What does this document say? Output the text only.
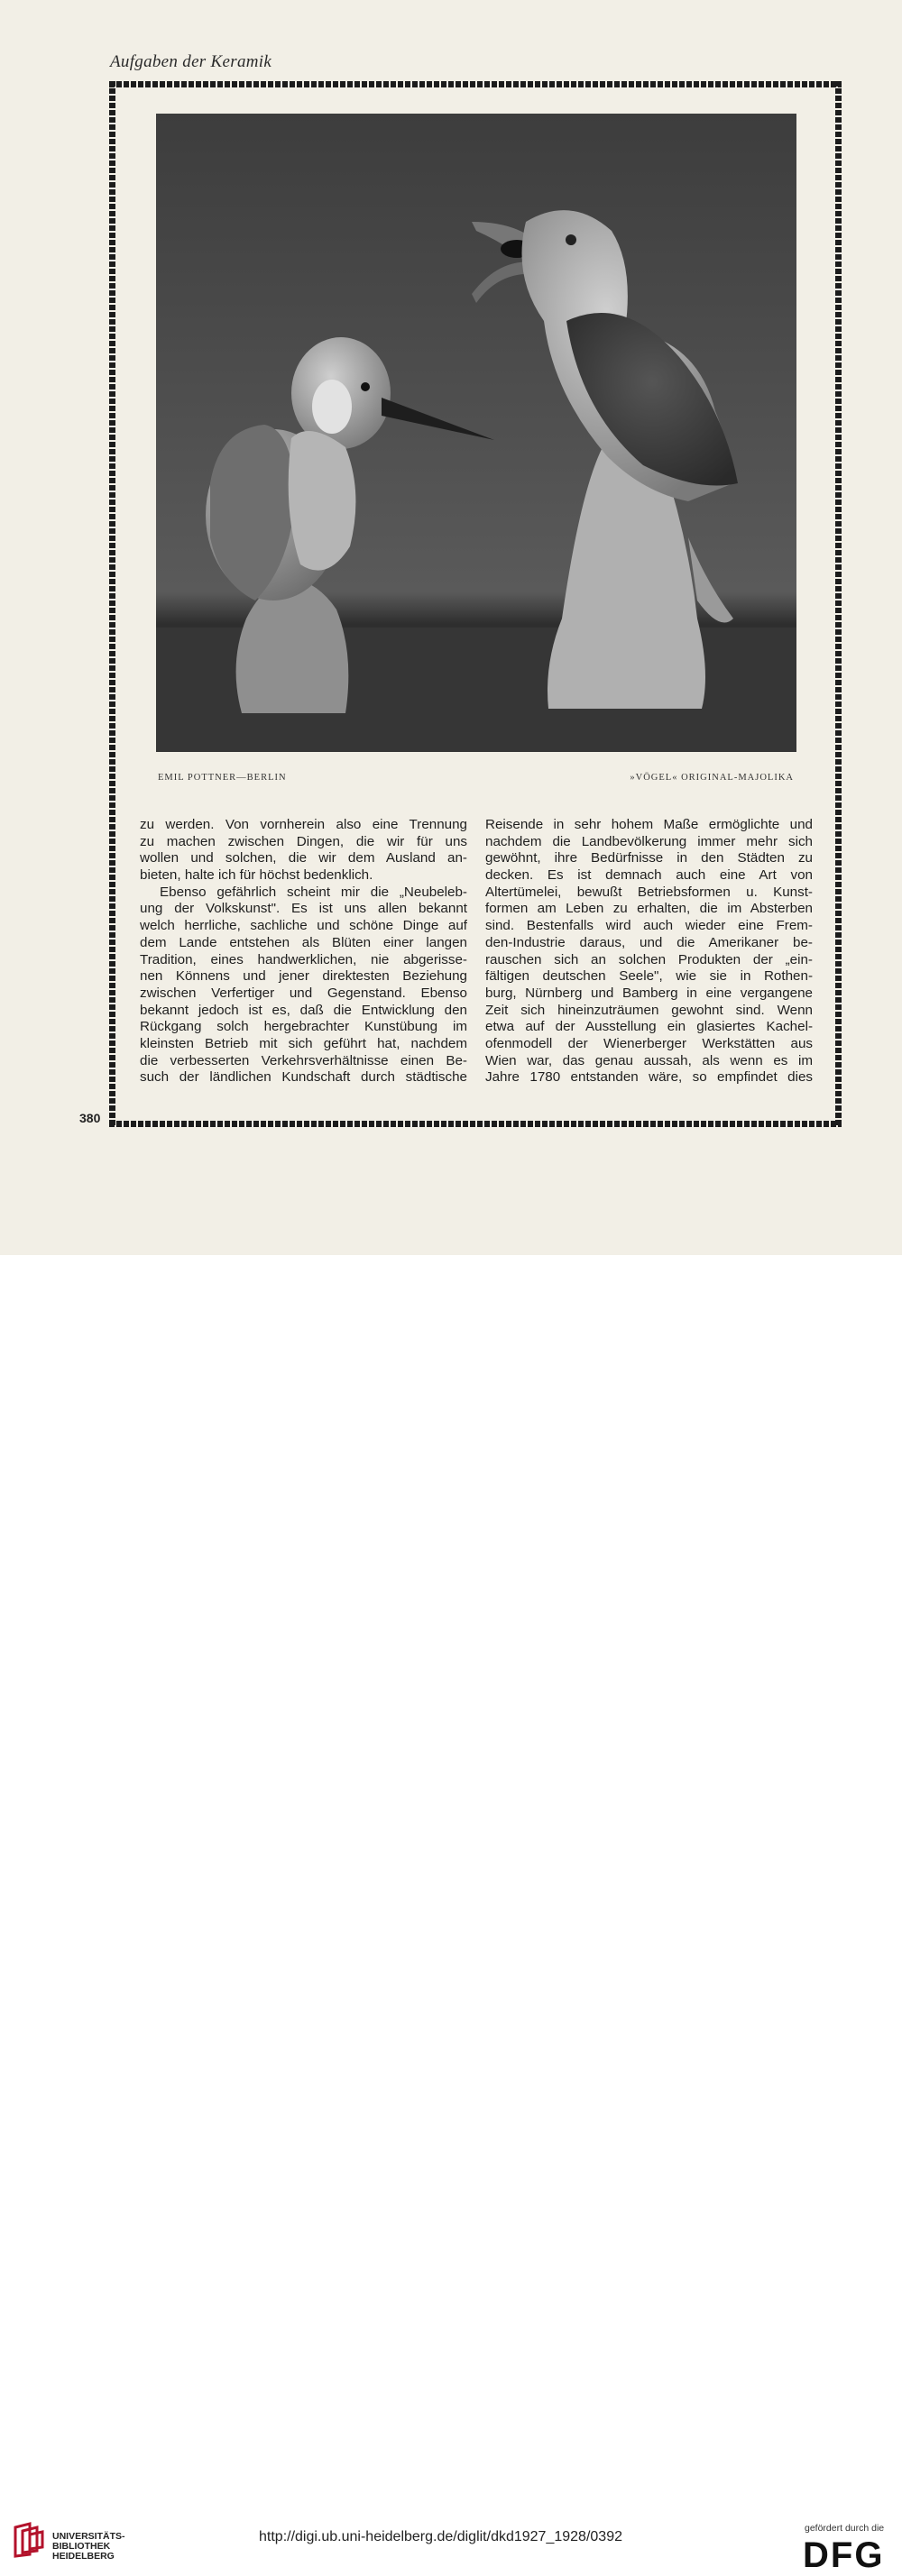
Aufgaben der Keramik
EMIL POTTNER—BERLIN	»VÖGEL« ORIGINAL-MAJOLIKA
zu werden. Von vornherein also eine Trennung
zu machen zwischen Dingen, die wir für uns
wollen und solchen, die wir dem Ausland an-
bieten, halte ich für höchst bedenklich.
Ebenso gefährlich scheint mir die „Neubeleb-
ung der Volkskunst". Es ist uns allen bekannt
welch herrliche, sachliche und schöne Dinge auf
dem Lande entstehen als Blüten einer langen
Tradition, eines handwerklichen, nie abgerisse-
nen Könnens und jener direktesten Beziehung
zwischen Verfertiger und Gegenstand. Ebenso
bekannt jedoch ist es, daß die Entwicklung den
Rückgang solch hergebrachter Kunstübung im
kleinsten Betrieb mit sich geführt hat, nachdem
die verbesserten Verkehrsverhältnisse einen Be-
such der ländlichen Kundschaft durch städtische
Reisende in sehr hohem Maße ermöglichte und
nachdem die Landbevölkerung immer mehr sich
gewöhnt, ihre Bedürfnisse in den Städten zu
decken. Es ist demnach auch eine Art von
Altertümelei, bewußt Betriebsformen u. Kunst-
formen am Leben zu erhalten, die im Absterben
sind. Bestenfalls wird auch wieder eine Frem-
den-Industrie daraus, und die Amerikaner be-
rauschen sich an solchen Produkten der „ein-
fältigen deutschen Seele", wie sie in Rothen-
burg, Nürnberg und Bamberg in eine vergangene
Zeit sich hineinzuträumen gewohnt sind. Wenn
etwa auf der Ausstellung ein glasiertes Kachel-
ofenmodell der Wienerberger Werkstätten aus
Wien war, das genau aussah, als wenn es im
Jahre 1780 entstanden wäre, so empfindet dies
380
UNIVERSITÄTS-
BIBLIOTHEK
HEIDELBERG
http://digi.ub.uni-heidelberg.de/diglit/dkd1927_1928/0392
gefördert durch die
DFG
